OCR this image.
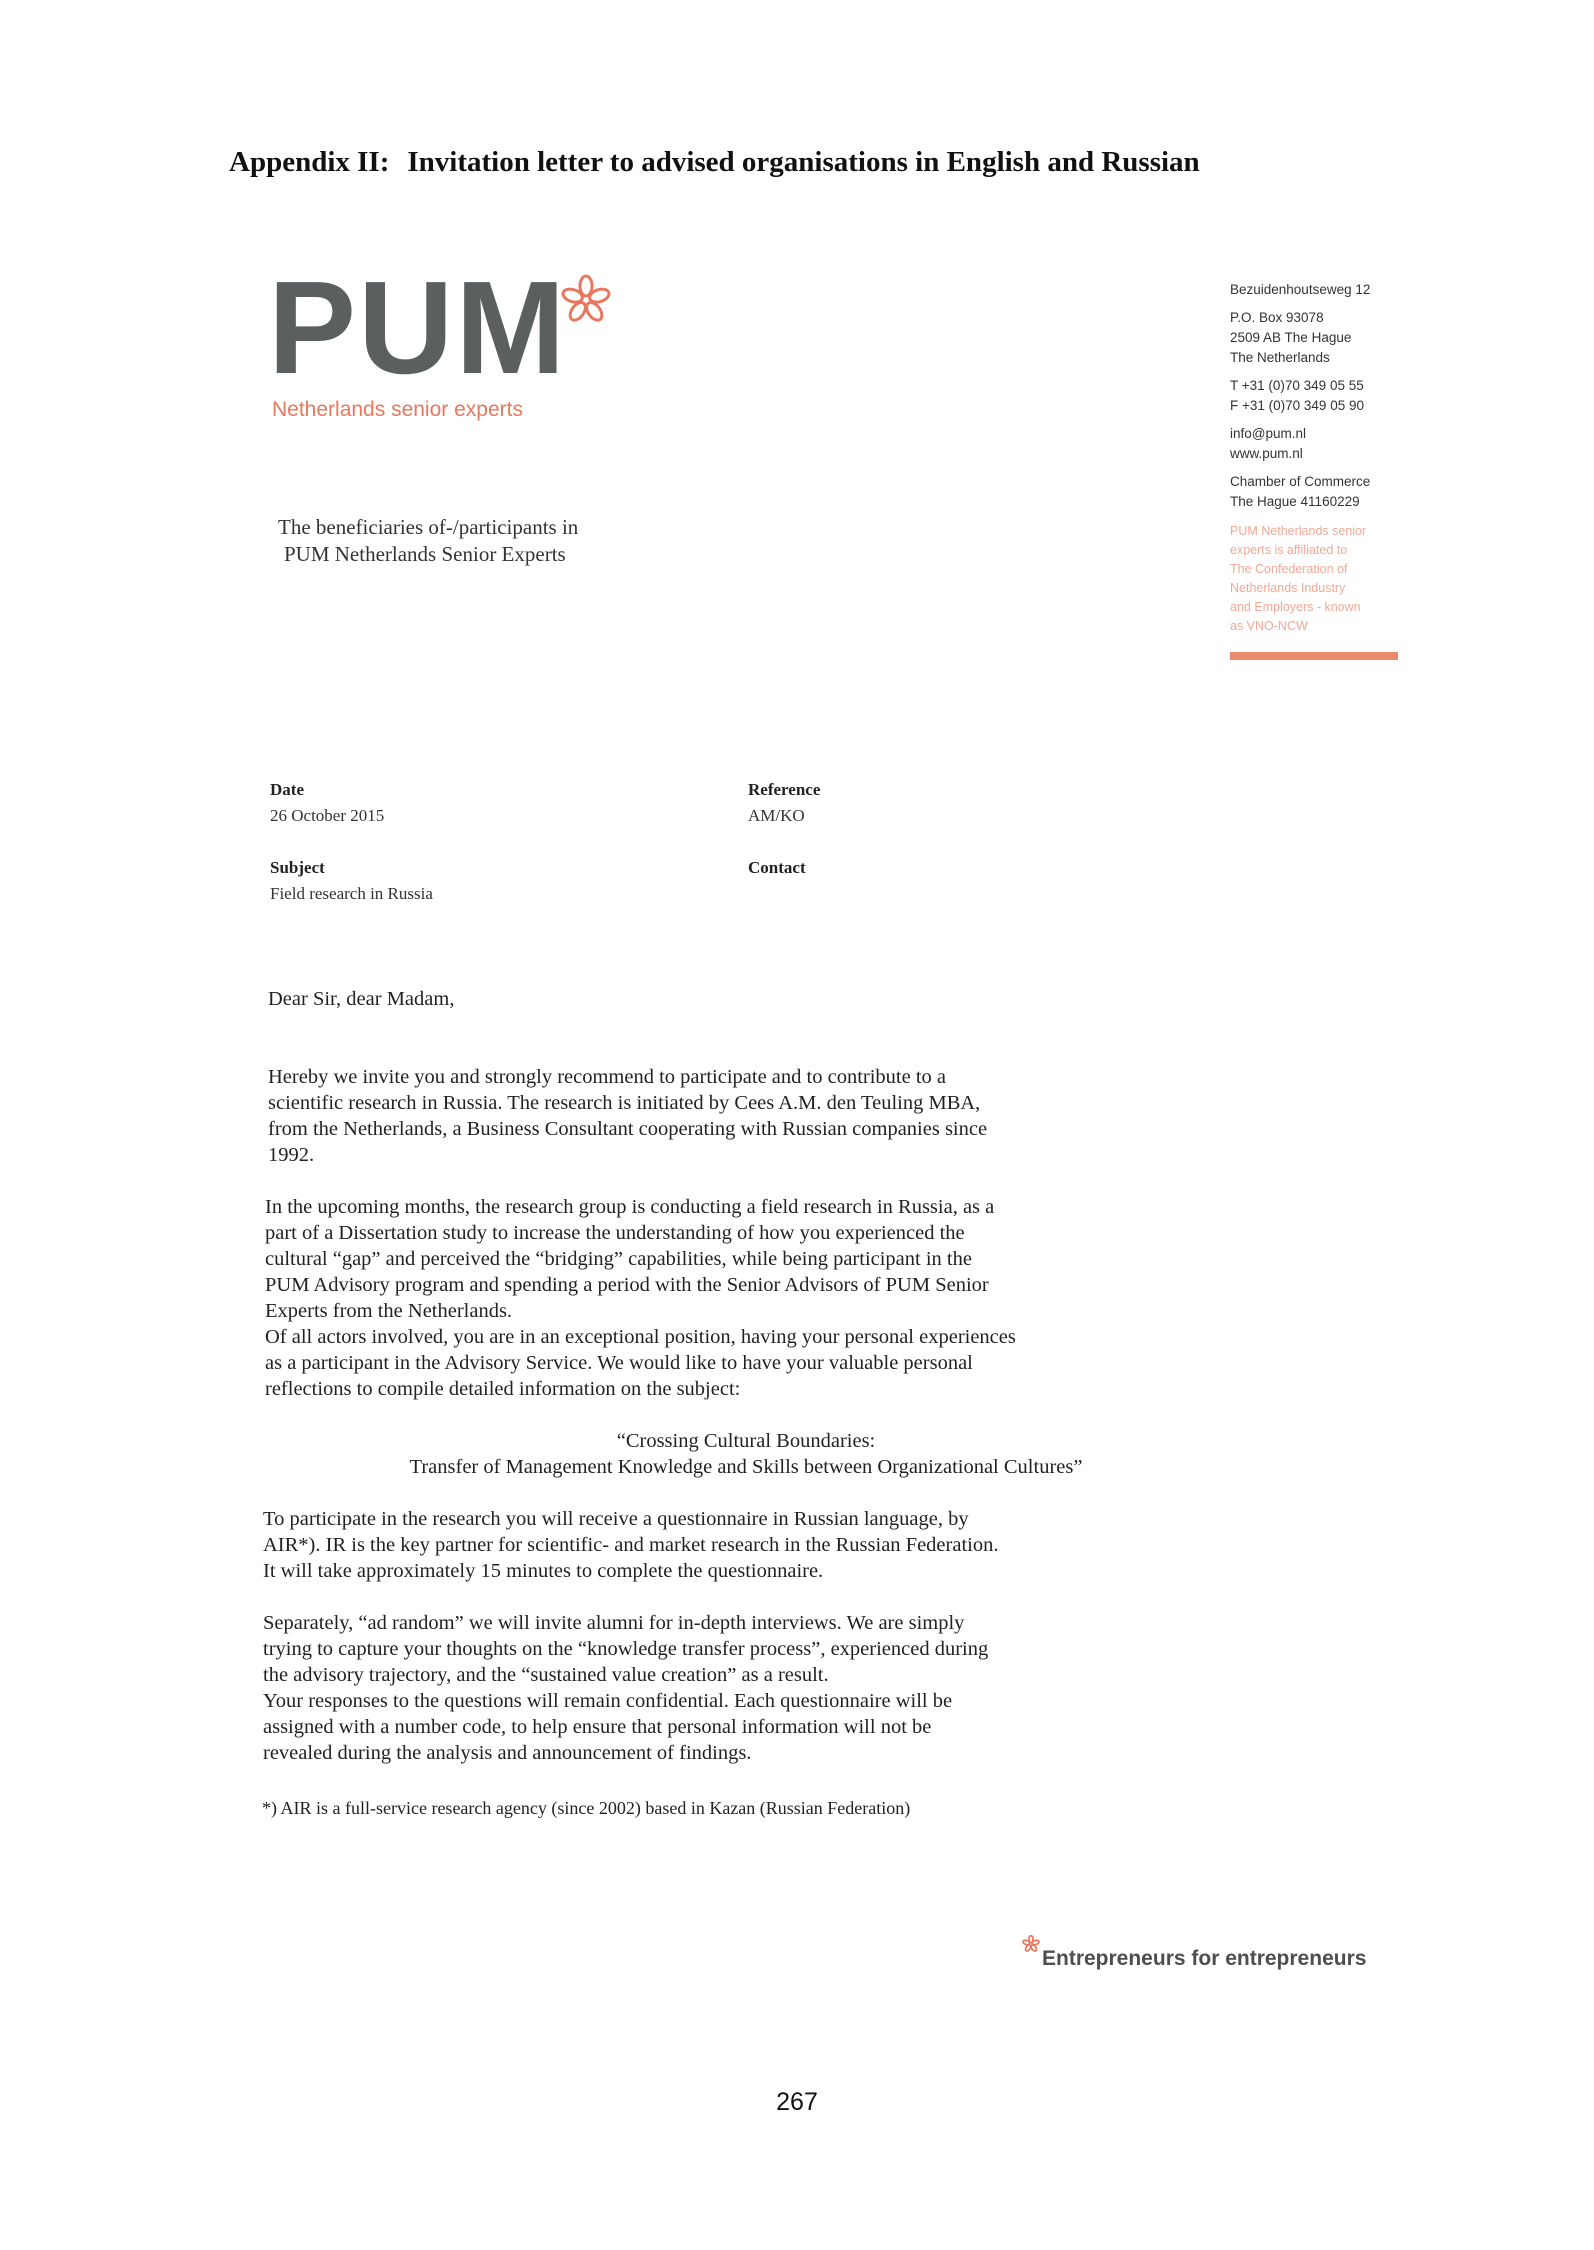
Appendix II: Invitation letter to advised organisations in English and Russian
PUM
Netherlands senior experts
Bezuidenhoutseweg 12
P.O. Box 93078
2509 AB The Hague
The Netherlands
T +31 (0)70 349 05 55
F +31 (0)70 349 05 90
info@pum.nl
www.pum.nl
Chamber of Commerce
The Hague 41160229
PUM Netherlands senior
experts is affiliated to
The Confederation of
Netherlands Industry
and Employers - known
as VNO-NCW
The beneficiaries of-/participants in
PUM Netherlands Senior Experts
Date
26 October 2015
Reference
AM/KO
Subject
Field research in Russia
Contact
Dear Sir, dear Madam,

Hereby we invite you and strongly recommend to participate and to contribute to a

scientific research in Russia. The research is initiated by Cees A.M. den Teuling MBA,

from the Netherlands, a Business Consultant cooperating with Russian companies since

1992.

In the upcoming months, the research group is conducting a field research in Russia, as a

part of a Dissertation study to increase the understanding of how you experienced the

cultural “gap” and perceived the “bridging” capabilities, while being participant in the

PUM Advisory program and spending a period with the Senior Advisors of PUM Senior

Experts from the Netherlands.

Of all actors involved, you are in an exceptional position, having your personal experiences

as a participant in the Advisory Service. We would like to have your valuable personal

reflections to compile detailed information on the subject:

“Crossing Cultural Boundaries:

Transfer of Management Knowledge and Skills between Organizational Cultures”

To participate in the research you will receive a questionnaire in Russian language, by

AIR*). IR is the key partner for scientific- and market research in the Russian Federation.

It will take approximately 15 minutes to complete the questionnaire.

Separately, “ad random” we will invite alumni for in-depth interviews. We are simply

trying to capture your thoughts on the “knowledge transfer process”, experienced during

the advisory trajectory, and the “sustained value creation” as a result.

Your responses to the questions will remain confidential. Each questionnaire will be

assigned with a number code, to help ensure that personal information will not be

revealed during the analysis and announcement of findings.

*) AIR is a full-service research agency (since 2002) based in Kazan (Russian Federation)
Entrepreneurs for entrepreneurs
267
